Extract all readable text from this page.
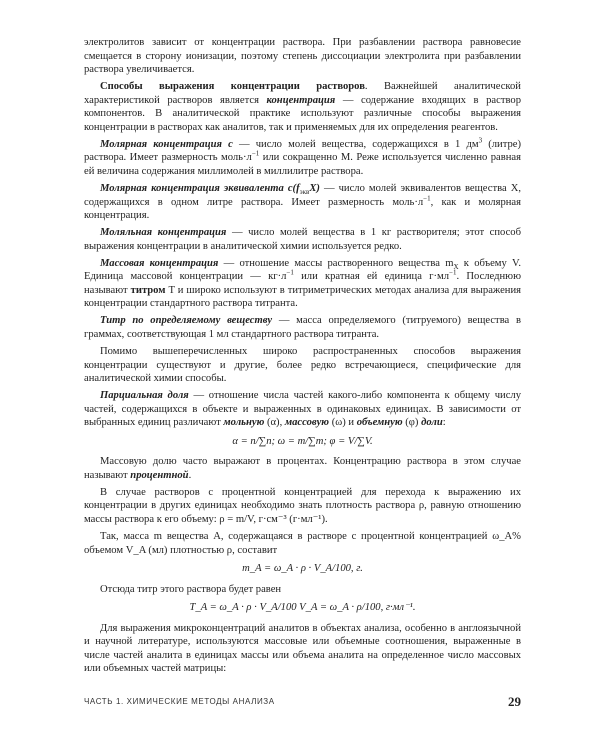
электролитов зависит от концентрации раствора. При разбавлении раствора равновесие смещается в сторону ионизации, поэтому степень диссоциации электролита при разбавлении раствора увеличивается.

Способы выражения концентрации растворов. Важнейшей аналитической характеристикой растворов является концентрация — содержание входящих в раствор компонентов. В аналитической практике используют различные способы выражения концентрации в растворах как аналитов, так и применяемых для их определения реагентов.

Молярная концентрация c — число молей вещества, содержащихся в 1 $дм^3$ (литре) раствора. Имеет размерность $моль\cdot л^{-1}$ или сокращенно М. Реже используется численно равная ей величина содержания миллимолей в миллилитре раствора.

Молярная концентрация эквивалента $c(f_{экв}X)$ — число молей эквивалентов вещества X, содержащихся в одном литре раствора. Имеет размерность $моль\cdot л^{-1}$, как и молярная концентрация.

Моляльная концентрация — число молей вещества в 1 кг растворителя; этот способ выражения концентрации в аналитической химии используется редко.

Массовая концентрация — отношение массы растворенного вещества $m_X$ к объему V. Единица массовой концентрации — $кг\cdot л^{-1}$ или кратная ей единица $г\cdot мл^{-1}$. Последнюю называют титром T и широко используют в титриметрических методах анализа для выражения концентрации стандартного раствора титранта.

Титр по определяемому веществу — масса определяемого (титруемого) вещества в граммах, соответствующая 1 мл стандартного раствора титранта.

Помимо вышеперечисленных широко распространенных способов выражения концентрации существуют и другие, более редко встречающиеся, специфические для аналитической химии способы.

Парциальная доля — отношение числа частей какого-либо компонента к общему числу частей, содержащихся в объекте и выраженных в одинаковых единицах. В зависимости от выбранных единиц различают мольную (α), массовую (ω) и объемную (φ) доли:

α = n/∑n; ω = m/∑m; φ = V/∑V.

Массовую долю часто выражают в процентах. Концентрацию раствора в этом случае называют процентной.

В случае растворов с процентной концентрацией для перехода к выражению их концентрации в других единицах необходимо знать плотность раствора ρ, равную отношению массы раствора к его объему: ρ = m/V, г·см⁻³ (г·мл⁻¹).

Так, масса m вещества A, содержащаяся в растворе с процентной концентрацией ω_A% объемом V_A (мл) плотностью ρ, составит

m_A = ω_A · ρ · V_A/100, г.

Отсюда титр этого раствора будет равен

T_A = ω_A · ρ · V_A/100 V_A = ω_A · ρ/100, г·мл⁻¹.

Для выражения микроконцентраций аналитов в объектах анализа, особенно в англоязычной и научной литературе, используются массовые или объемные соотношения, выраженные в числе частей аналита в единицах массы или объема аналита на определенное число массовых или объемных частей матрицы:

ЧАСТЬ 1. ХИМИЧЕСКИЕ МЕТОДЫ АНАЛИЗА	29
